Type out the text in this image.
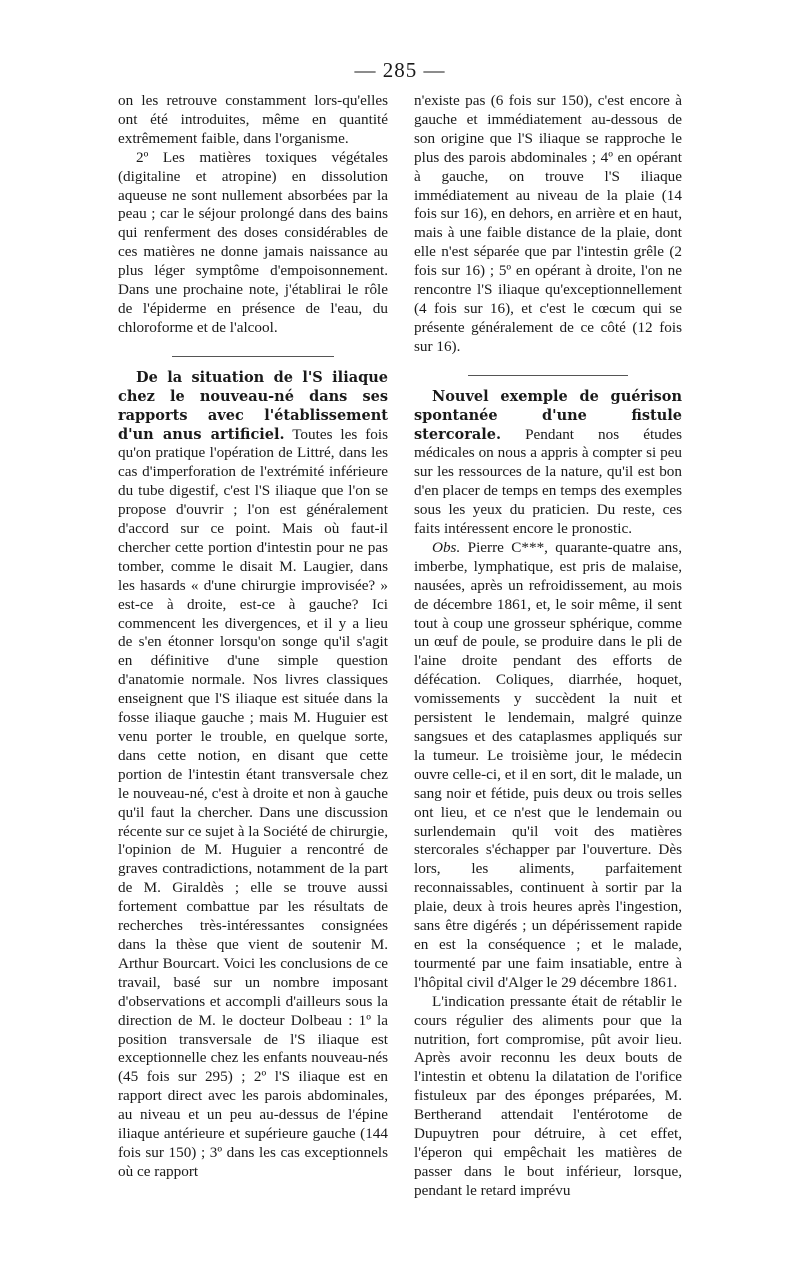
— 285 —

on les retrouve constamment lors-qu'elles ont été introduites, même en quantité extrêmement faible, dans l'organisme.

2º Les matières toxiques végétales (digitaline et atropine) en dissolution aqueuse ne sont nullement absorbées par la peau ; car le séjour prolongé dans des bains qui renferment des doses considérables de ces matières ne donne jamais naissance au plus léger symptôme d'empoisonnement. Dans une prochaine note, j'établirai le rôle de l'épiderme en présence de l'eau, du chloroforme et de l'alcool.

De la situation de l'S iliaque chez le nouveau-né dans ses rapports avec l'établissement d'un anus artificiel. Toutes les fois qu'on pratique l'opération de Littré, dans les cas d'imperforation de l'extrémité inférieure du tube digestif, c'est l'S iliaque que l'on se propose d'ouvrir ; l'on est généralement d'accord sur ce point. Mais où faut-il chercher cette portion d'intestin pour ne pas tomber, comme le disait M. Laugier, dans les hasards « d'une chirurgie improvisée? » est-ce à droite, est-ce à gauche? Ici commencent les divergences, et il y a lieu de s'en étonner lorsqu'on songe qu'il s'agit en définitive d'une simple question d'anatomie normale. Nos livres classiques enseignent que l'S iliaque est située dans la fosse iliaque gauche ; mais M. Huguier est venu porter le trouble, en quelque sorte, dans cette notion, en disant que cette portion de l'intestin étant transversale chez le nouveau-né, c'est à droite et non à gauche qu'il faut la chercher. Dans une discussion récente sur ce sujet à la Société de chirurgie, l'opinion de M. Huguier a rencontré de graves contradictions, notamment de la part de M. Giraldès ; elle se trouve aussi fortement combattue par les résultats de recherches très-intéressantes consignées dans la thèse que vient de soutenir M. Arthur Bourcart. Voici les conclusions de ce travail, basé sur un nombre imposant d'observations et accompli d'ailleurs sous la direction de M. le docteur Dolbeau : 1º la position transversale de l'S iliaque est exceptionnelle chez les enfants nouveau-nés (45 fois sur 295) ; 2º l'S iliaque est en rapport direct avec les parois abdominales, au niveau et un peu au-dessus de l'épine iliaque antérieure et supérieure gauche (144 fois sur 150) ; 3º dans les cas exceptionnels où ce rapport

n'existe pas (6 fois sur 150), c'est encore à gauche et immédiatement au-dessous de son origine que l'S iliaque se rapproche le plus des parois abdominales ; 4º en opérant à gauche, on trouve l'S iliaque immédiatement au niveau de la plaie (14 fois sur 16), en dehors, en arrière et en haut, mais à une faible distance de la plaie, dont elle n'est séparée que par l'intestin grêle (2 fois sur 16) ; 5º en opérant à droite, l'on ne rencontre l'S iliaque qu'exceptionnellement (4 fois sur 16), et c'est le cœcum qui se présente généralement de ce côté (12 fois sur 16).

Nouvel exemple de guérison spontanée d'une fistule stercorale. Pendant nos études médicales on nous a appris à compter si peu sur les ressources de la nature, qu'il est bon d'en placer de temps en temps des exemples sous les yeux du praticien. Du reste, ces faits intéressent encore le pronostic.

Obs. Pierre C***, quarante-quatre ans, imberbe, lymphatique, est pris de malaise, nausées, après un refroidissement, au mois de décembre 1861, et, le soir même, il sent tout à coup une grosseur sphérique, comme un œuf de poule, se produire dans le pli de l'aine droite pendant des efforts de défécation. Coliques, diarrhée, hoquet, vomissements y succèdent la nuit et persistent le lendemain, malgré quinze sangsues et des cataplasmes appliqués sur la tumeur. Le troisième jour, le médecin ouvre celle-ci, et il en sort, dit le malade, un sang noir et fétide, puis deux ou trois selles ont lieu, et ce n'est que le lendemain ou surlendemain qu'il voit des matières stercorales s'échapper par l'ouverture. Dès lors, les aliments, parfaitement reconnaissables, continuent à sortir par la plaie, deux à trois heures après l'ingestion, sans être digérés ; un dépérissement rapide en est la conséquence ; et le malade, tourmenté par une faim insatiable, entre à l'hôpital civil d'Alger le 29 décembre 1861.

L'indication pressante était de rétablir le cours régulier des aliments pour que la nutrition, fort compromise, pût avoir lieu. Après avoir reconnu les deux bouts de l'intestin et obtenu la dilatation de l'orifice fistuleux par des éponges préparées, M. Bertherand attendait l'entérotome de Dupuytren pour détruire, à cet effet, l'éperon qui empêchait les matières de passer dans le bout inférieur, lorsque, pendant le retard imprévu
